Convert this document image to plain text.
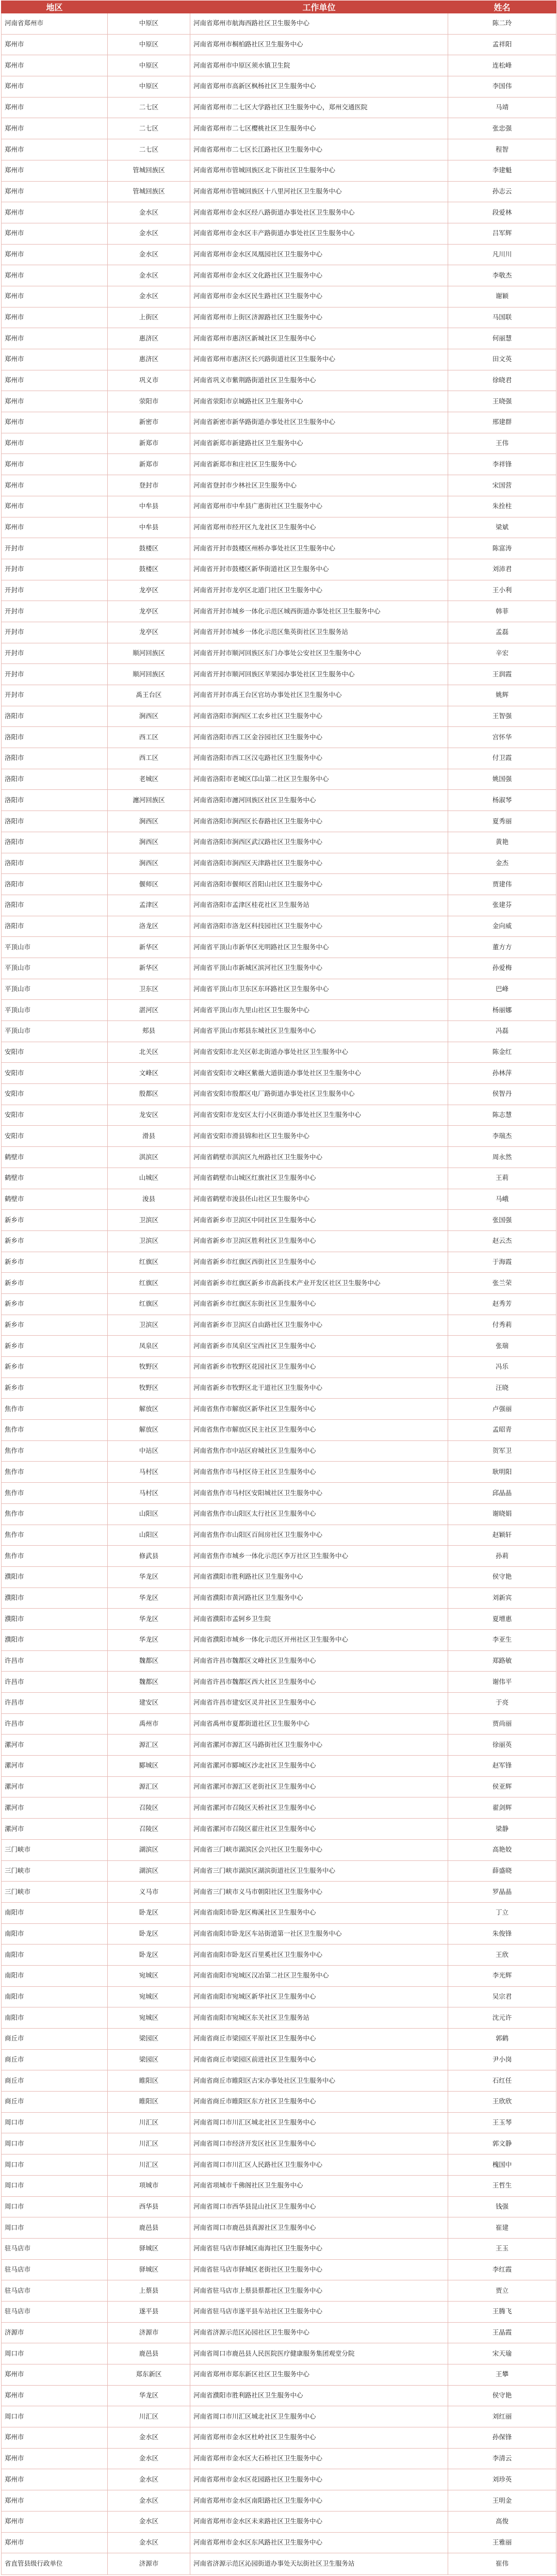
地区		工作单位	姓名
河南省郑州市	中原区	河南省郑州市航海西路社区卫生服务中心	陈二玲
郑州市	中原区	河南省郑州市桐柏路社区卫生服务中心	孟祥阳
郑州市	中原区	河南省郑州市中原区须水镇卫生院	连松峰
郑州市	中原区	河南省郑州市高新区枫杨社区卫生服务中心	李国伟
郑州市	二七区	河南省郑州市二七区大学路社区卫生服务中心，郑州交通医院	马靖
郑州市	二七区	河南省郑州市二七区樱桃社区卫生服务中心	张忠强
郑州市	二七区	河南省郑州市二七区长江路社区卫生服务中心	程智
郑州市	管城回族区	河南省郑州市管城回族区北下街社区卫生服务中心	李建魁
郑州市	管城回族区	河南省郑州市管城回族区十八里河社区卫生服务中心	孙志云
郑州市	金水区	河南省郑州市金水区经八路街道办事处社区卫生服务中心	段爱林
郑州市	金水区	河南省郑州市金水区丰产路街道办事处社区卫生服务中心	吕军辉
郑州市	金水区	河南省郑州市金水区凤凰园社区卫生服务中心	凡川川
郑州市	金水区	河南省郑州市金水区文化路社区卫生服务中心	李敬杰
郑州市	金水区	河南省郑州市金水区民生路社区卫生服务中心	谢颖
郑州市	上街区	河南省郑州市上街区济源路社区卫生服务中心	马国联
郑州市	惠济区	河南省郑州市惠济区新城社区卫生服务中心	何丽慧
郑州市	惠济区	河南省郑州市惠济区长兴路街道社区卫生服务中心	田文英
郑州市	巩义市	河南省巩义市紫荆路街道社区卫生服务中心	徐晓君
郑州市	荥阳市	河南省荥阳市京城路社区卫生服务中心	王晓强
郑州市	新密市	河南省新密市新华路街道办事处社区卫生服务中心	邢建群
郑州市	新郑市	河南省新郑市新建路社区卫生服务中心	王伟
郑州市	新郑市	河南省新郑市和庄社区卫生服务中心	李祥锋
郑州市	登封市	河南省登封市少林社区卫生服务中心	宋国营
郑州市	中牟县	河南省郑州市中牟县广惠街社区卫生服务中心	朱拴柱
郑州市	中牟县	河南省郑州市经开区九龙社区卫生服务中心	梁斌
开封市	鼓楼区	河南省开封市鼓楼区州桥办事处社区卫生服务中心	陈富涛
开封市	鼓楼区	河南省开封市鼓楼区新华街道社区卫生服务中心	刘沛君
开封市	龙亭区	河南省开封市龙亭区北道门社区卫生服务中心	王小利
开封市	龙亭区	河南省开封市城乡一体化示范区城西街道办事处社区卫生服务中心	韩菲
开封市	龙亭区	河南省开封市城乡一体化示范区集英街社区卫生服务站	孟磊
开封市	顺河回族区	河南省开封市顺河回族区东门办事处公安社区卫生服务中心	辛宏
开封市	顺河回族区	河南省开封市顺河回族区苹果园办事处社区卫生服务中心	王润霞
开封市	禹王台区	河南省开封市禹王台区官坊办事处社区卫生服务中心	姚辉
洛阳市	涧西区	河南省洛阳市涧西区工农乡社区卫生服务中心	王智强
洛阳市	西工区	河南省洛阳市西工区金谷园社区卫生服务中心	宫怀华
洛阳市	西工区	河南省洛阳市西工区汉屯路社区卫生服务中心	付卫霞
洛阳市	老城区	河南省洛阳市老城区邙山第二社区卫生服务中心	姚国强
洛阳市	瀍河回族区	河南省洛阳市瀍河回族区社区卫生服务中心	杨淑琴
洛阳市	涧西区	河南省洛阳市涧西区长春路社区卫生服务中心	夏秀丽
洛阳市	涧西区	河南省洛阳市涧西区武汉路社区卫生服务中心	黄艳
洛阳市	涧西区	河南省洛阳市涧西区天津路社区卫生服务中心	金杰
洛阳市	偃师区	河南省洛阳市偃师区首阳山社区卫生服务中心	贾建伟
洛阳市	孟津区	河南省洛阳市孟津区桂花社区卫生服务站	张建芬
洛阳市	洛龙区	河南省洛阳市洛龙区科技园社区卫生服务中心	金向威
平顶山市	新华区	河南省平顶山市新华区光明路社区卫生服务中心	董方方
平顶山市	新华区	河南省平顶山市新城区滨河社区卫生服务中心	孙爱梅
平顶山市	卫东区	河南省平顶山市卫东区东环路社区卫生服务中心	巴峰
平顶山市	湛河区	河南省平顶山市九里山社区卫生服务中心	杨丽娜
平顶山市	郏县	河南省平顶山市郏县东城社区卫生服务中心	冯磊
安阳市	北关区	河南省安阳市北关区彰北街道办事处社区卫生服务中心	陈金红
安阳市	文峰区	河南省安阳市文峰区紫薇大道街道办事处社区卫生服务中心	孙林萍
安阳市	殷都区	河南省安阳市殷都区电厂路街道办事处社区卫生服务中心	侯智丹
安阳市	龙安区	河南省安阳市龙安区太行小区街道办事处社区卫生服务中心	陈志慧
安阳市	滑县	河南省安阳市滑县锦和社区卫生服务中心	李瑞杰
鹤壁市	淇滨区	河南省鹤壁市淇滨区九州路社区卫生服务中心	周永然
鹤壁市	山城区	河南省鹤壁市山城区红旗社区卫生服务中心	王莉
鹤壁市	浚县	河南省鹤壁市浚县伾山社区卫生服务中心	马峨
新乡市	卫滨区	河南省新乡市卫滨区中同社区卫生服务中心	张国强
新乡市	卫滨区	河南省新乡市卫滨区胜利社区卫生服务中心	赵云杰
新乡市	红旗区	河南省新乡市红旗区西街社区卫生服务中心	于海霞
新乡市	红旗区	河南省新乡市红旗区新乡市高新技术产业开发区社区卫生服务中心	张兰荣
新乡市	红旗区	河南省新乡市红旗区东街社区卫生服务中心	赵秀芳
新乡市	卫滨区	河南省新乡市卫滨区自由路社区卫生服务中心	付秀莉
新乡市	凤泉区	河南省新乡市凤泉区宝西社区卫生服务中心	张瑞
新乡市	牧野区	河南省新乡市牧野区花园社区卫生服务中心	冯乐
新乡市	牧野区	河南省新乡市牧野区北干道社区卫生服务中心	汪晓
焦作市	解放区	河南省焦作市解放区新华社区卫生服务中心	卢强丽
焦作市	解放区	河南省焦作市解放区民主社区卫生服务中心	孟昭青
焦作市	中站区	河南省焦作市中站区府城社区卫生服务中心	贺军卫
焦作市	马村区	河南省焦作市马村区待王社区卫生服务中心	耿明阳
焦作市	马村区	河南省焦作市马村区安阳城社区卫生服务中心	邱晶晶
焦作市	山阳区	河南省焦作市山阳区太行社区卫生服务中心	谢晓娟
焦作市	山阳区	河南省焦作市山阳区百间房社区卫生服务中心	赵颖轩
焦作市	修武县	河南省焦作市城乡一体化示范区李万社区卫生服务中心	孙莉
濮阳市	华龙区	河南省濮阳市胜利路社区卫生服务中心	侯守艳
濮阳市	华龙区	河南省濮阳市黄河路社区卫生服务中心	刘新宾
濮阳市	华龙区	河南省濮阳市孟轲乡卫生院	夏增惠
濮阳市	华龙区	河南省濮阳市城乡一体化示范区开州社区卫生服务中心	李亚生
许昌市	魏都区	河南省许昌市魏都区文峰社区卫生服务中心	郑路敏
许昌市	魏都区	河南省许昌市魏都区西大社区卫生服务中心	谢伟平
许昌市	建安区	河南省许昌市建安区灵井社区卫生服务中心	于亮
许昌市	禹州市	河南省禹州市夏都街道社区卫生服务中心	贾尚丽
漯河市	源汇区	河南省漯河市源汇区马路街社区卫生服务中心	徐丽英
漯河市	郾城区	河南省漯河市郾城区沙北社区卫生服务中心	赵军锋
漯河市	源汇区	河南省漯河市源汇区老街社区卫生服务中心	侯亚辉
漯河市	召陵区	河南省漯河市召陵区天桥社区卫生服务中心	翟剑辉
漯河市	召陵区	河南省漯河市召陵区翟庄社区卫生服务中心	梁静
三门峡市	湖滨区	河南省三门峡市湖滨区会兴社区卫生服务中心	高艳姣
三门峡市	湖滨区	河南省三门峡市湖滨区湖滨街道社区卫生服务中心	薛盛晓
三门峡市	义马市	河南省三门峡市义马市朝阳社区卫生服务中心	罗晶晶
南阳市	卧龙区	河南省南阳市卧龙区梅溪社区卫生服务中心	丁立
南阳市	卧龙区	河南省南阳市卧龙区车站街道第一社区卫生服务中心	朱俊锋
南阳市	卧龙区	河南省南阳市卧龙区百里奚社区卫生服务中心	王欣
南阳市	宛城区	河南省南阳市宛城区汉冶第二社区卫生服务中心	李光辉
南阳市	宛城区	河南省南阳市宛城区新华社区卫生服务中心	吴宗君
南阳市	宛城区	河南省南阳市宛城区东关社区卫生服务站	沈元许
商丘市	梁园区	河南省商丘市梁园区平原社区卫生服务中心	郭鹤
商丘市	梁园区	河南省商丘市梁园区前进社区卫生服务中心	尹小岗
商丘市	睢阳区	河南省商丘市睢阳区古宋办事处社区卫生服务中心	石红任
商丘市	睢阳区	河南省商丘市睢阳区东方社区卫生服务中心	王欣欣
周口市	川汇区	河南省周口市川汇区城北社区卫生服务中心	王玉琴
周口市	川汇区	河南省周口市经济开发区社区卫生服务中心	郭文静
周口市	川汇区	河南省周口市川汇区人民路社区卫生服务中心	槐国中
周口市	项城市	河南省项城市千佛阁社区卫生服务中心	王哲生
周口市	西华县	河南省周口市西华县昆山社区卫生服务中心	钱强
周口市	鹿邑县	河南省周口市鹿邑县真源社区卫生服务中心	崔建
驻马店市	驿城区	河南省驻马店市驿城区南海社区卫生服务中心	王玉
驻马店市	驿城区	河南省驻马店市驿城区老街社区卫生服务中心	李红霞
驻马店市	上蔡县	河南省驻马店市上蔡县蔡都社区卫生服务中心	贾立
驻马店市	遂平县	河南省驻马店市遂平县车站社区卫生服务中心	王腾飞
济源市	济源市	河南省济源示范区沁园社区卫生服务中心	王晶霞
周口市	鹿邑县	河南省周口市鹿邑县人民医院医疗健康服务集团观堂分院	宋天瑜
郑州市	郑东新区	河南省郑州市郑东新区社区卫生服务中心	王攀
郑州市	华龙区	河南省濮阳市胜利路社区卫生服务中心	侯守艳
周口市	川汇区	河南省周口市川汇区城北社区卫生服务中心	刘红丽
郑州市	金水区	河南省郑州市金水区杜岭社区卫生服务中心	孙保锋
郑州市	金水区	河南省郑州市金水区大石桥社区卫生服务中心	李清云
郑州市	金水区	河南省郑州市金水区花园路社区卫生服务中心	刘珍英
郑州市	金水区	河南省郑州市金水区南阳路社区卫生服务中心	王明金
郑州市	金水区	河南省郑州市金水区未来路社区卫生服务中心	高俊
郑州市	金水区	河南省郑州市金水区东风路社区卫生服务中心	王雅丽
省直管县级行政单位	济源市	河南省济源示范区沁园街道办事处天坛街社区卫生服务站	崔伟
